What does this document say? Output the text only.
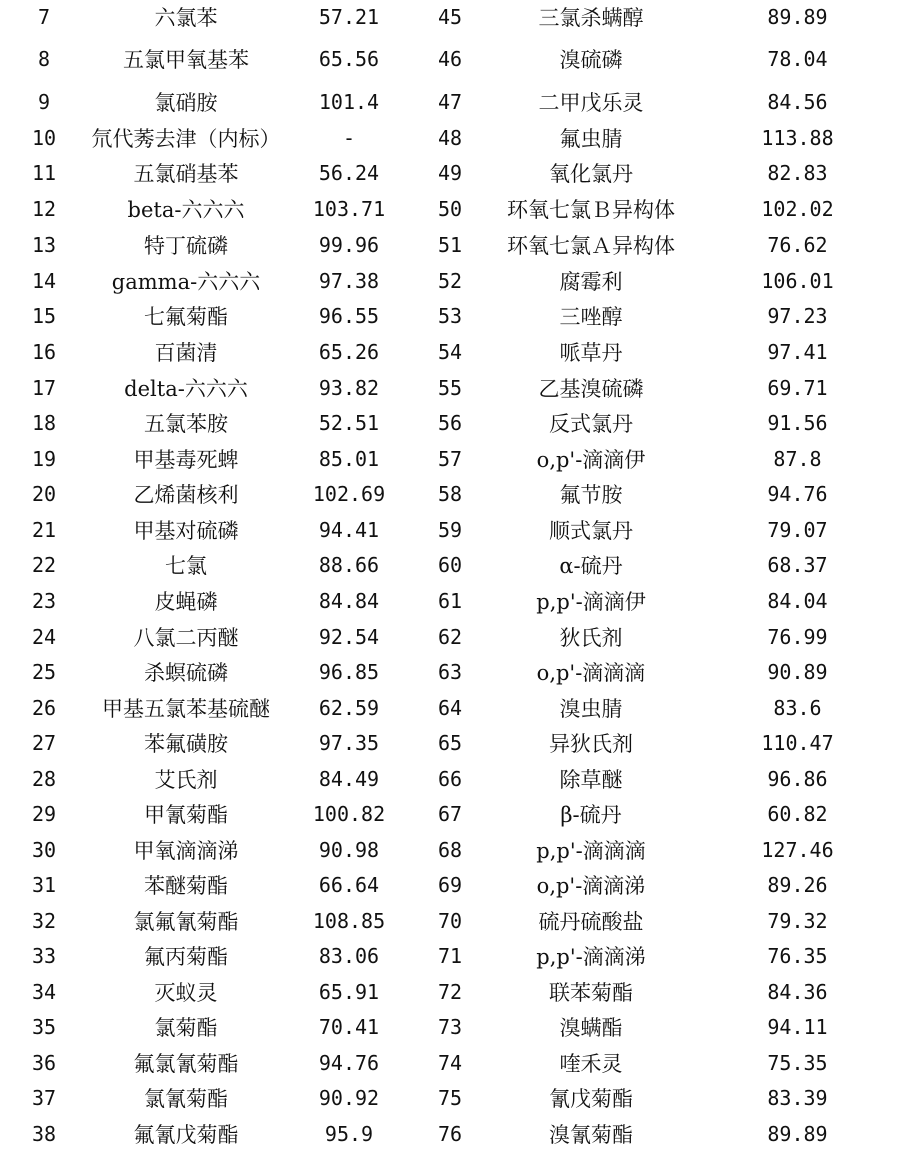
7	六氯苯	57.21	45	三氯杀螨醇	89.89
8	五氯甲氧基苯	65.56	46	溴硫磷	78.04
9	氯硝胺	101.4	47	二甲戊乐灵	84.56
10	氘代莠去津（内标）	-	48	氟虫腈	113.88
11	五氯硝基苯	56.24	49	氧化氯丹	82.83
12	beta-六六六	103.71	50	环氧七氯Ｂ异构体	102.02
13	特丁硫磷	99.96	51	环氧七氯Ａ异构体	76.62
14	gamma-六六六	97.38	52	腐霉利	106.01
15	七氟菊酯	96.55	53	三唑醇	97.23
16	百菌清	65.26	54	哌草丹	97.41
17	delta-六六六	93.82	55	乙基溴硫磷	69.71
18	五氯苯胺	52.51	56	反式氯丹	91.56
19	甲基毒死蜱	85.01	57	o,p'-滴滴伊	87.8
20	乙烯菌核利	102.69	58	氟节胺	94.76
21	甲基对硫磷	94.41	59	顺式氯丹	79.07
22	七氯	88.66	60	α-硫丹	68.37
23	皮蝇磷	84.84	61	p,p'-滴滴伊	84.04
24	八氯二丙醚	92.54	62	狄氏剂	76.99
25	杀螟硫磷	96.85	63	o,p'-滴滴滴	90.89
26	甲基五氯苯基硫醚	62.59	64	溴虫腈	83.6
27	苯氟磺胺	97.35	65	异狄氏剂	110.47
28	艾氏剂	84.49	66	除草醚	96.86
29	甲氰菊酯	100.82	67	β-硫丹	60.82
30	甲氧滴滴涕	90.98	68	p,p'-滴滴滴	127.46
31	苯醚菊酯	66.64	69	o,p'-滴滴涕	89.26
32	氯氟氰菊酯	108.85	70	硫丹硫酸盐	79.32
33	氟丙菊酯	83.06	71	p,p'-滴滴涕	76.35
34	灭蚁灵	65.91	72	联苯菊酯	84.36
35	氯菊酯	70.41	73	溴螨酯	94.11
36	氟氯氰菊酯	94.76	74	喹禾灵	75.35
37	氯氰菊酯	90.92	75	氰戊菊酯	83.39
38	氟氰戊菊酯	95.9	76	溴氰菊酯	89.89
